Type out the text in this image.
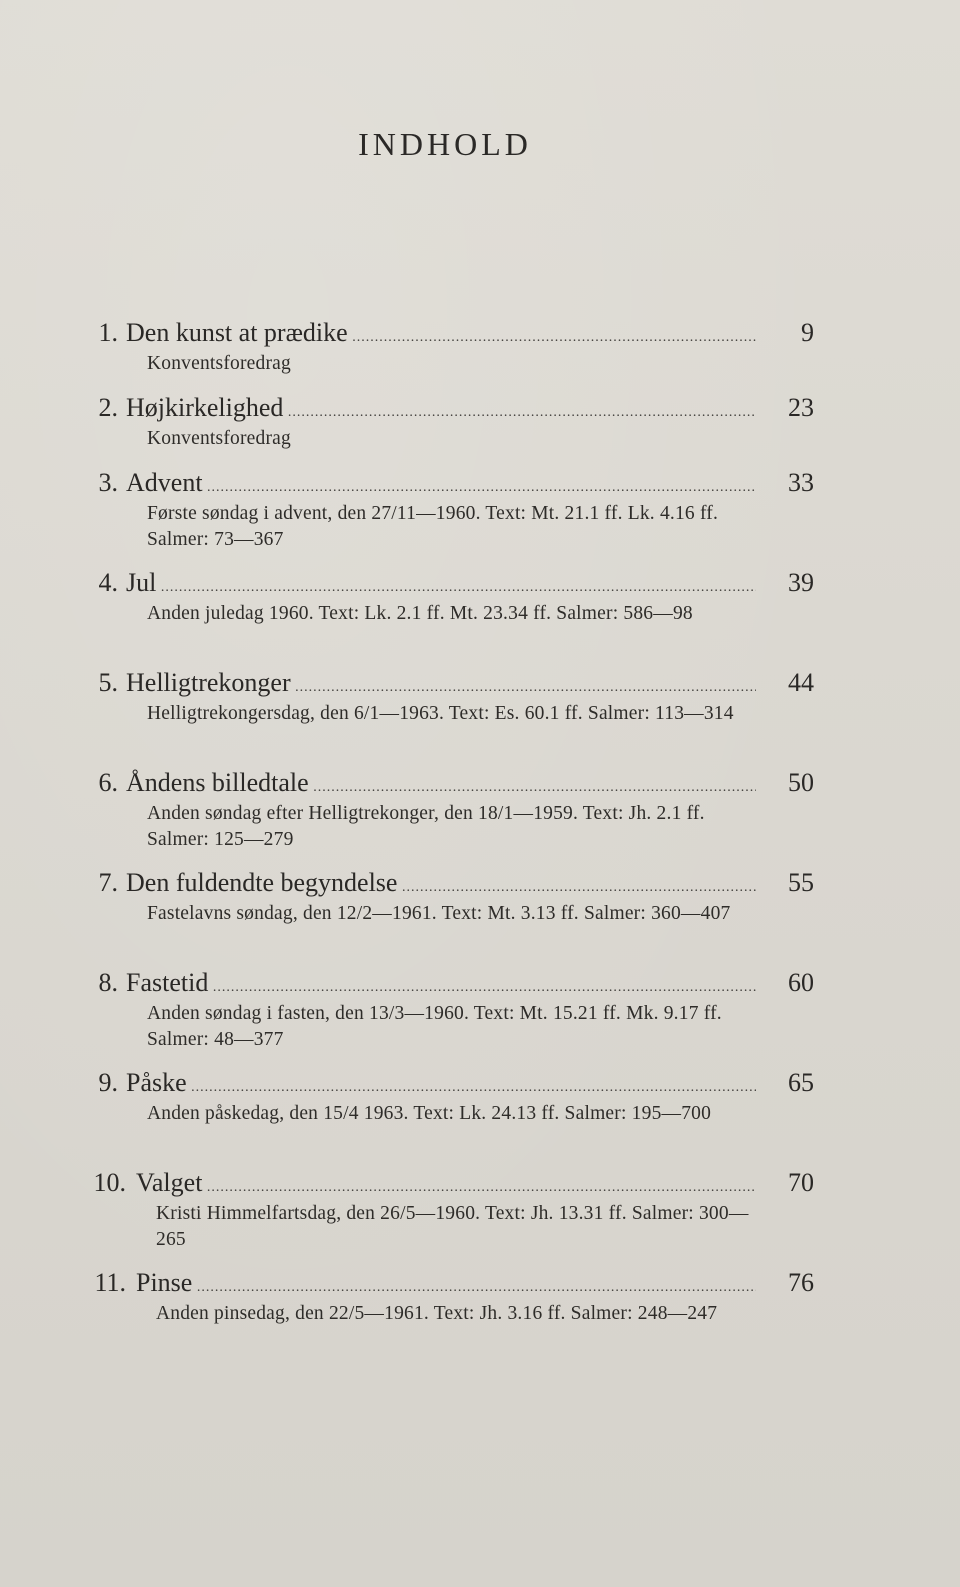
INDHOLD
1. Den kunst at prædike .....	9
Konventsforedrag
2. Højkirkelighed .....	23
Konventsforedrag
3. Advent .....	33
Første søndag i advent, den 27/11—1960. Text: Mt. 21.1 ff. Lk. 4.16 ff. Salmer: 73—367
4. Jul .....	39
Anden juledag 1960. Text: Lk. 2.1 ff. Mt. 23.34 ff. Salmer: 586—98
5. Helligtrekonger .....	44
Helligtrekongersdag, den 6/1—1963. Text: Es. 60.1 ff. Salmer: 113—314
6. Åndens billedtale .....	50
Anden søndag efter Helligtrekonger, den 18/1—1959. Text: Jh. 2.1 ff. Salmer: 125—279
7. Den fuldendte begyndelse .....	55
Fastelavns søndag, den 12/2—1961. Text: Mt. 3.13 ff. Salmer: 360—407
8. Fastetid .....	60
Anden søndag i fasten, den 13/3—1960. Text: Mt. 15.21 ff. Mk. 9.17 ff. Salmer: 48—377
9. Påske .....	65
Anden påskedag, den 15/4 1963. Text: Lk. 24.13 ff. Salmer: 195—700
10. Valget .....	70
Kristi Himmelfartsdag, den 26/5—1960. Text: Jh. 13.31 ff. Salmer: 300—265
11. Pinse .....	76
Anden pinsedag, den 22/5—1961. Text: Jh. 3.16 ff. Salmer: 248—247
